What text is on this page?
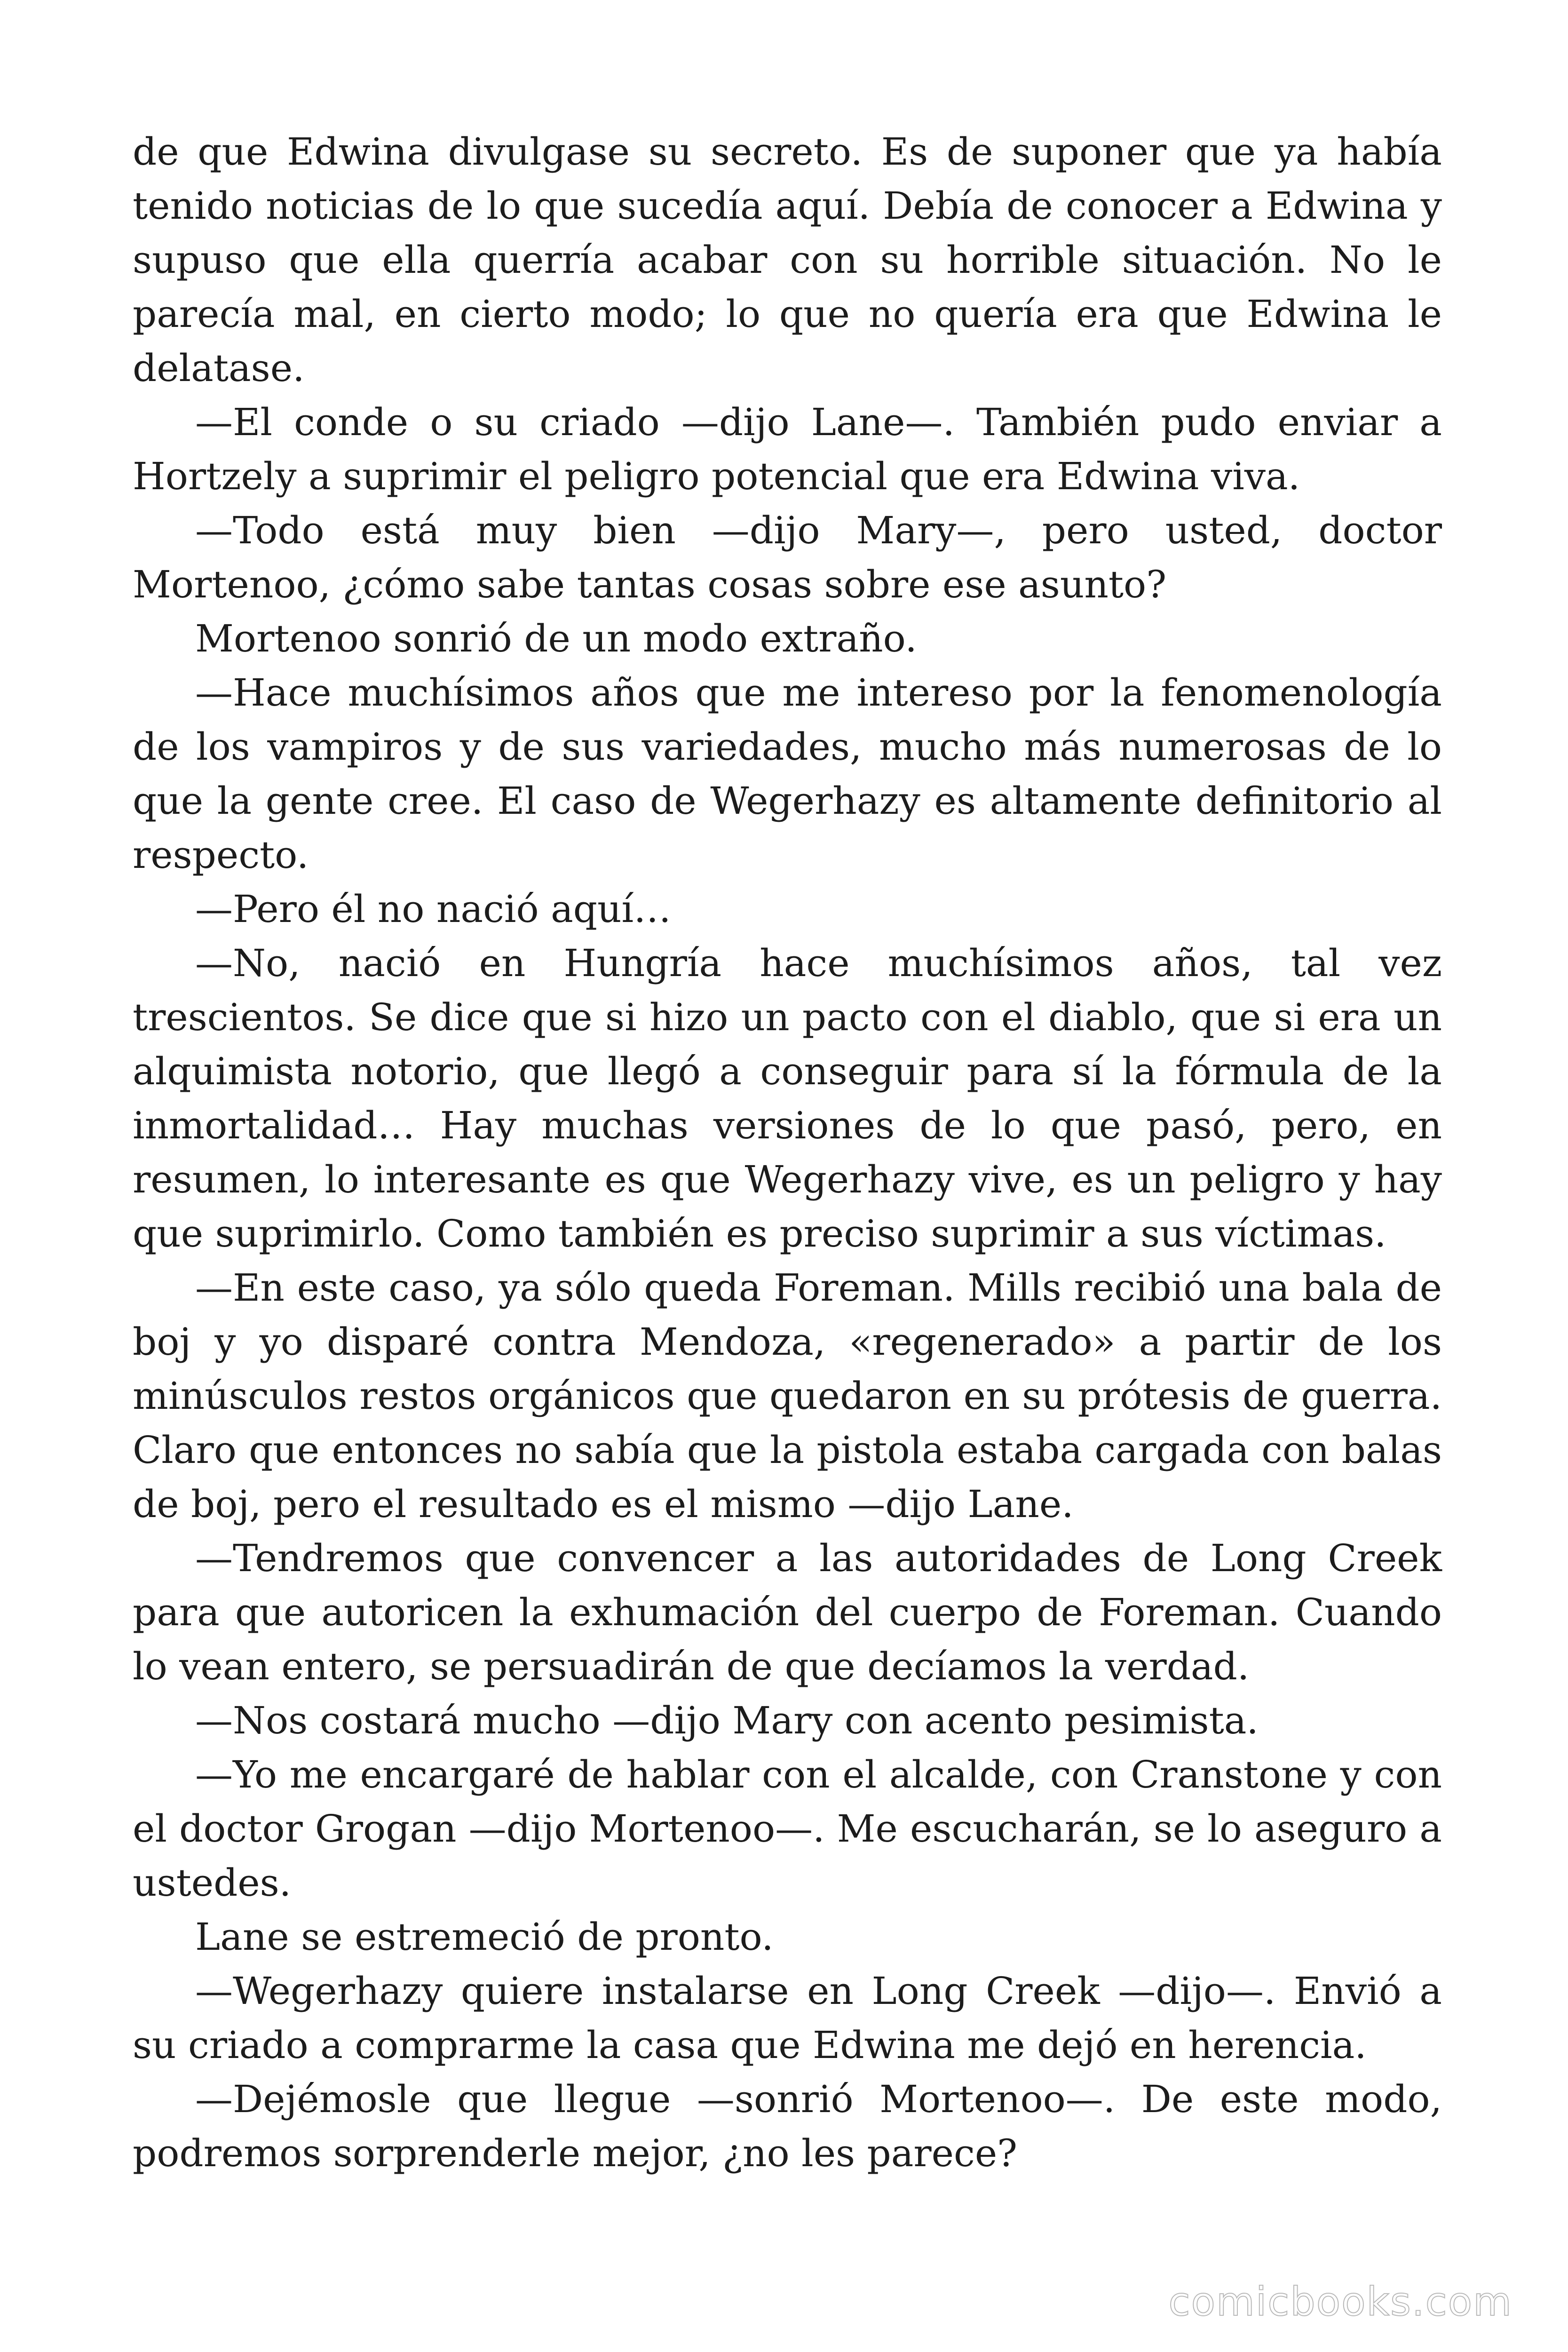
de que Edwina divulgase su secreto. Es de suponer que ya había tenido noticias de lo que sucedía aquí. Debía de conocer a Edwina y supuso que ella querría acabar con su horrible situación. No le parecía mal, en cierto modo; lo que no quería era que Edwina le delatase.

—El conde o su criado —dijo Lane—. También pudo enviar a Hortzely a suprimir el peligro potencial que era Edwina viva.

—Todo está muy bien —dijo Mary—, pero usted, doctor Mortenoo, ¿cómo sabe tantas cosas sobre ese asunto?

Mortenoo sonrió de un modo extraño.

—Hace muchísimos años que me intereso por la fenomenología de los vampiros y de sus variedades, mucho más numerosas de lo que la gente cree. El caso de Wegerhazy es altamente definitorio al respecto.

—Pero él no nació aquí…

—No, nació en Hungría hace muchísimos años, tal vez trescientos. Se dice que si hizo un pacto con el diablo, que si era un alquimista notorio, que llegó a conseguir para sí la fórmula de la inmortalidad… Hay muchas versiones de lo que pasó, pero, en resumen, lo interesante es que Wegerhazy vive, es un peligro y hay que suprimirlo. Como también es preciso suprimir a sus víctimas.

—En este caso, ya sólo queda Foreman. Mills recibió una bala de boj y yo disparé contra Mendoza, «regenerado» a partir de los minúsculos restos orgánicos que quedaron en su prótesis de guerra. Claro que entonces no sabía que la pistola estaba cargada con balas de boj, pero el resultado es el mismo —dijo Lane.

—Tendremos que convencer a las autoridades de Long Creek para que autoricen la exhumación del cuerpo de Foreman. Cuando lo vean entero, se persuadirán de que decíamos la verdad.

—Nos costará mucho —dijo Mary con acento pesimista.

—Yo me encargaré de hablar con el alcalde, con Cranstone y con el doctor Grogan —dijo Mortenoo—. Me escucharán, se lo aseguro a ustedes.

Lane se estremeció de pronto.

—Wegerhazy quiere instalarse en Long Creek —dijo—. Envió a su criado a comprarme la casa que Edwina me dejó en herencia.

—Dejémosle que llegue —sonrió Mortenoo—. De este modo, podremos sorprenderle mejor, ¿no les parece?

comicbooks.com
